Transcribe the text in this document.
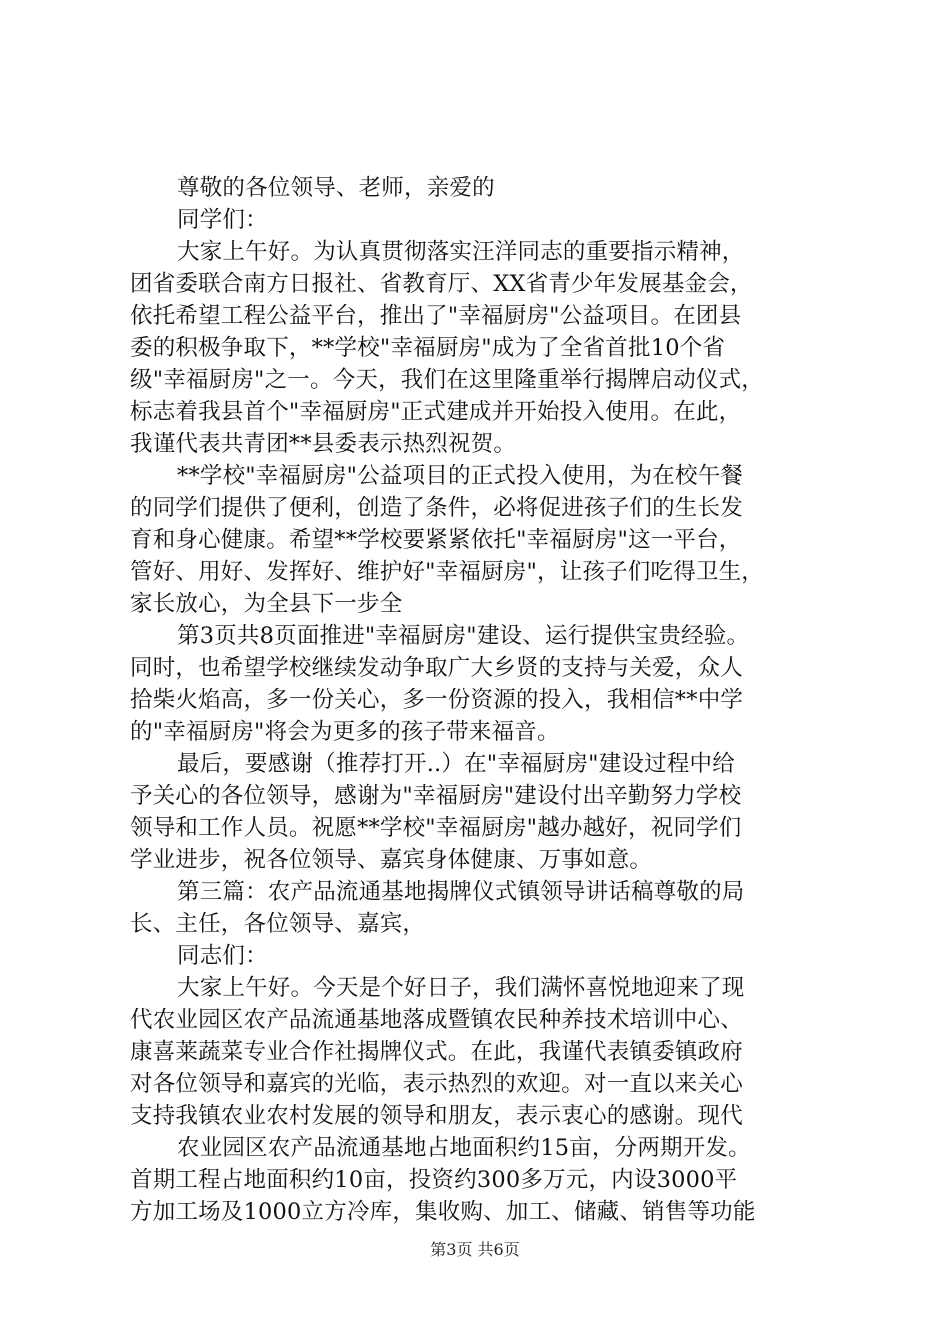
尊敬的各位领导、老师，亲爱的
同学们：
大家上午好。为认真贯彻落实汪洋同志的重要指示精神，
团省委联合南方日报社、省教育厅、XX省青少年发展基金会，
依托希望工程公益平台，推出了"幸福厨房"公益项目。在团县
委的积极争取下，**学校"幸福厨房"成为了全省首批10个省
级"幸福厨房"之一。今天，我们在这里隆重举行揭牌启动仪式，
标志着我县首个"幸福厨房"正式建成并开始投入使用。在此，
我谨代表共青团**县委表示热烈祝贺。
**学校"幸福厨房"公益项目的正式投入使用，为在校午餐
的同学们提供了便利，创造了条件，必将促进孩子们的生长发
育和身心健康。希望**学校要紧紧依托"幸福厨房"这一平台，
管好、用好、发挥好、维护好"幸福厨房"，让孩子们吃得卫生，
家长放心，为全县下一步全
第3页共8页面推进"幸福厨房"建设、运行提供宝贵经验。
同时，也希望学校继续发动争取广大乡贤的支持与关爱，众人
拾柴火焰高，多一份关心，多一份资源的投入，我相信**中学
的"幸福厨房"将会为更多的孩子带来福音。
最后，要感谢（推荐打开..）在"幸福厨房"建设过程中给
予关心的各位领导，感谢为"幸福厨房"建设付出辛勤努力学校
领导和工作人员。祝愿**学校"幸福厨房"越办越好，祝同学们
学业进步，祝各位领导、嘉宾身体健康、万事如意。
第三篇：农产品流通基地揭牌仪式镇领导讲话稿尊敬的局
长、主任，各位领导、嘉宾，
同志们：
大家上午好。今天是个好日子，我们满怀喜悦地迎来了现
代农业园区农产品流通基地落成暨镇农民种养技术培训中心、
康喜莱蔬菜专业合作社揭牌仪式。在此，我谨代表镇委镇政府
对各位领导和嘉宾的光临，表示热烈的欢迎。对一直以来关心
支持我镇农业农村发展的领导和朋友，表示衷心的感谢。现代
农业园区农产品流通基地占地面积约15亩，分两期开发。
首期工程占地面积约10亩，投资约300多万元，内设3000平
方加工场及1000立方冷库，集收购、加工、储藏、销售等功能
第3页 共6页
